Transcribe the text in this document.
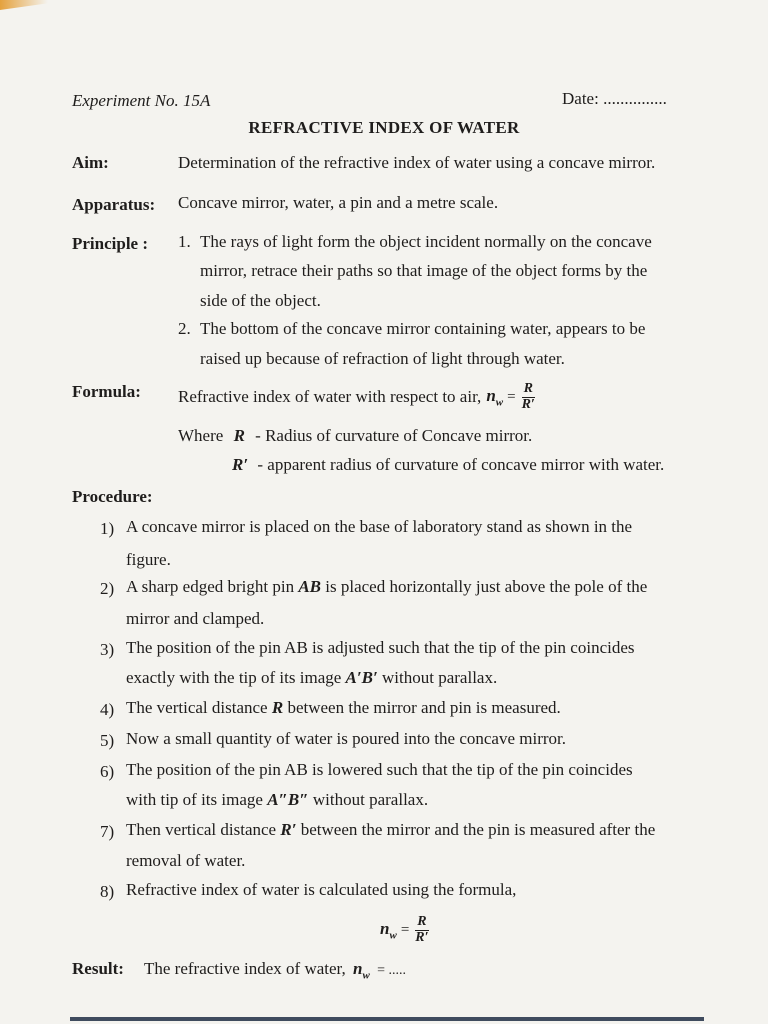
Experiment No. 15A	Date: ...............
REFRACTIVE INDEX OF WATER
Aim:	Determination of the refractive index of water using a concave mirror.
Apparatus: Concave mirror, water, a pin and a metre scale.
Principle : 1. The rays of light form the object incident normally on the concave
mirror, retrace their paths so that image of the object forms by the
side of the object.
2. The bottom of the concave mirror containing water, appears to be
raised up because of refraction of light through water.
Formula: Refractive index of water with respect to air, $n_w = \frac{R}{R'}$
Where R - Radius of curvature of Concave mirror.
R′ - apparent radius of curvature of concave mirror with water.
Procedure:
1) A concave mirror is placed on the base of laboratory stand as shown in the
figure.
2) A sharp edged bright pin AB is placed horizontally just above the pole of the
mirror and clamped.
3) The position of the pin AB is adjusted such that the tip of the pin coincides
exactly with the tip of its image A′B′ without parallax.
4) The vertical distance R between the mirror and pin is measured.
5) Now a small quantity of water is poured into the concave mirror.
6) The position of the pin AB is lowered such that the tip of the pin coincides
with tip of its image A″B″ without parallax.
7) Then vertical distance R′ between the mirror and the pin is measured after the
removal of water.
8) Refractive index of water is calculated using the formula,
$n_w = \frac{R}{R'}$
Result: The refractive index of water, $n_w$ = .....
